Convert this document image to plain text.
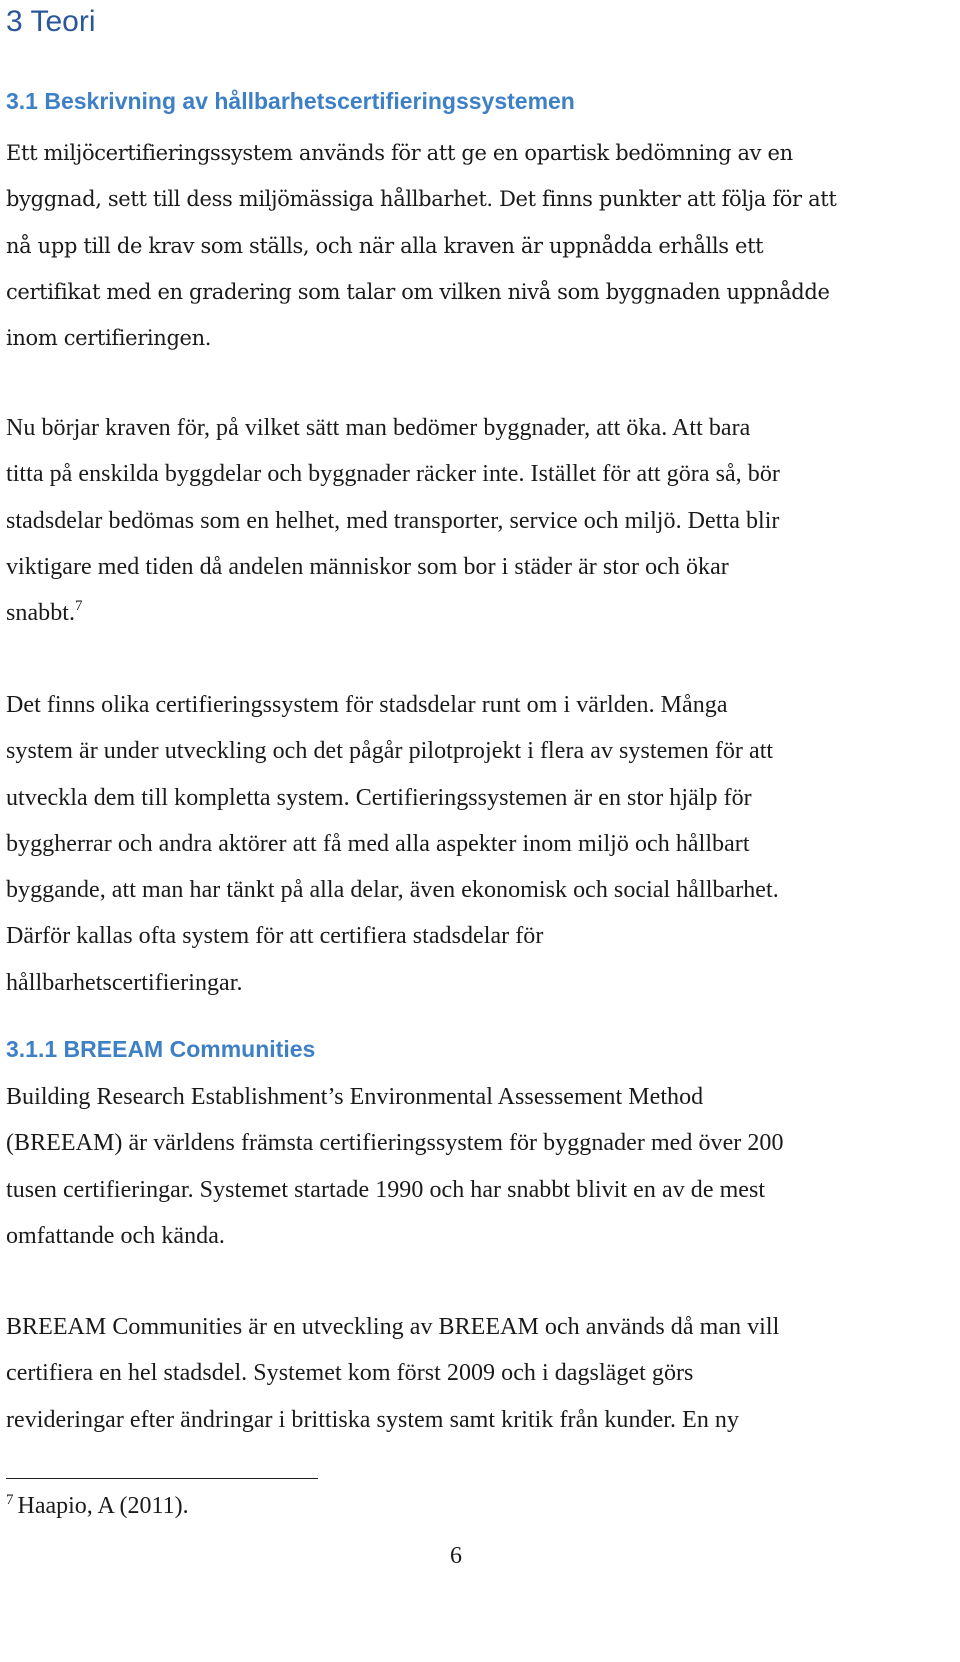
3 Teori
3.1 Beskrivning av hållbarhetscertifieringssystemen

Ett miljöcertifieringssystem används för att ge en opartisk bedömning av en
byggnad, sett till dess miljömässiga hållbarhet. Det finns punkter att följa för att
nå upp till de krav som ställs, och när alla kraven är uppnådda erhålls ett
certifikat med en gradering som talar om vilken nivå som byggnaden uppnådde
inom certifieringen.

Nu börjar kraven för, på vilket sätt man bedömer byggnader, att öka. Att bara
titta på enskilda byggdelar och byggnader räcker inte. Istället för att göra så, bör
stadsdelar bedömas som en helhet, med transporter, service och miljö. Detta blir
viktigare med tiden då andelen människor som bor i städer är stor och ökar
snabbt.$^7$

Det finns olika certifieringssystem för stadsdelar runt om i världen. Många
system är under utveckling och det pågår pilotprojekt i flera av systemen för att
utveckla dem till kompletta system. Certifieringssystemen är en stor hjälp för
byggherrar och andra aktörer att få med alla aspekter inom miljö och hållbart
byggande, att man har tänkt på alla delar, även ekonomisk och social hållbarhet.
Därför kallas ofta system för att certifiera stadsdelar för
hållbarhetscertifieringar.

3.1.1 BREEAM Communities

Building Research Establishment’s Environmental Assessement Method
(BREEAM) är världens främsta certifieringssystem för byggnader med över 200
tusen certifieringar. Systemet startade 1990 och har snabbt blivit en av de mest
omfattande och kända.

BREEAM Communities är en utveckling av BREEAM och används då man vill
certifiera en hel stadsdel. Systemet kom först 2009 och i dagsläget görs
revideringar efter ändringar i brittiska system samt kritik från kunder. En ny

$^7$ Haapio, A (2011).

6
